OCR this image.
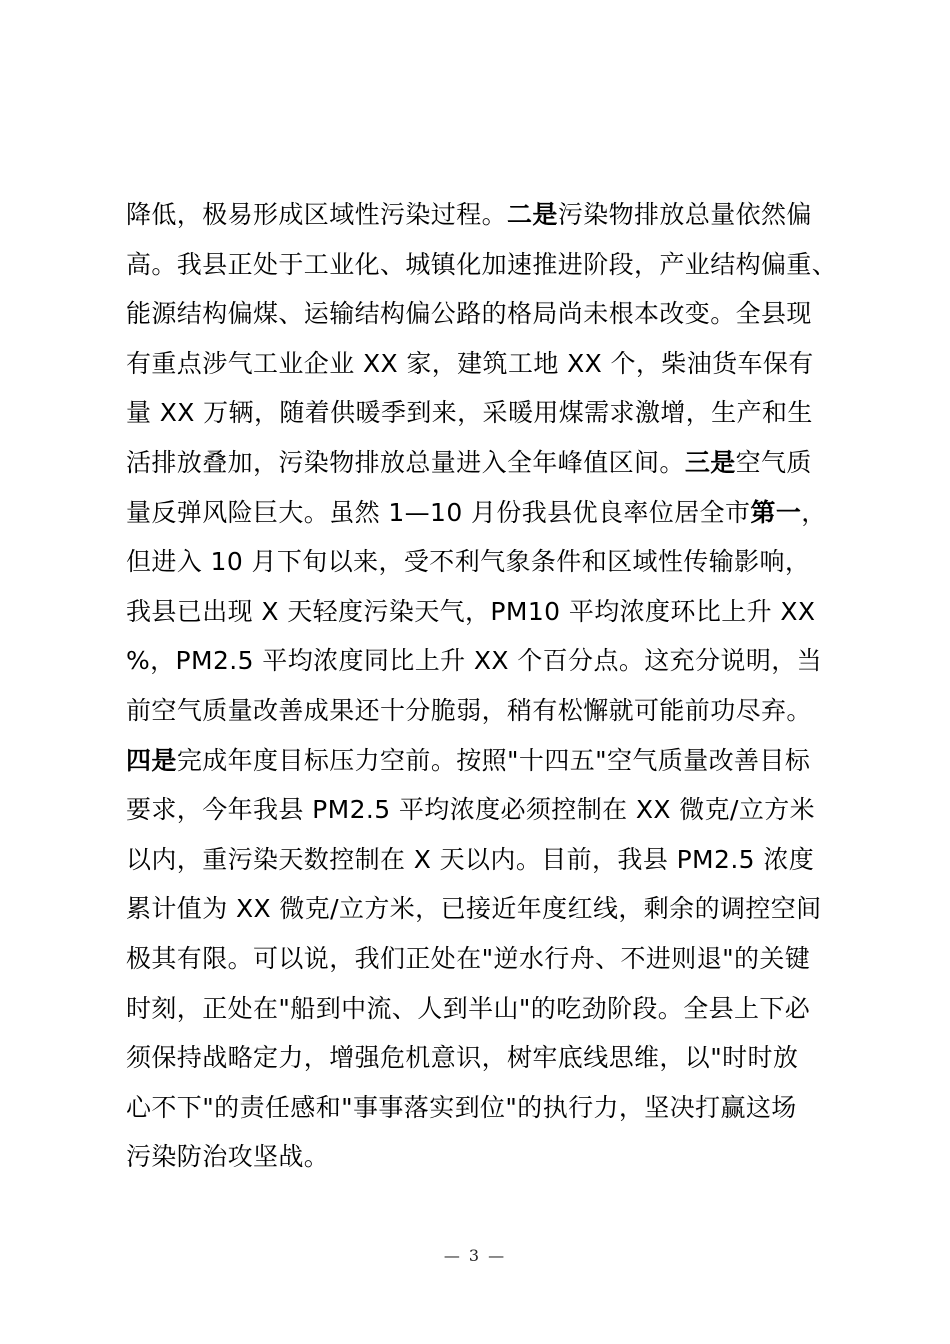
降低，极易形成区域性污染过程。二是污染物排放总量依然偏
高。我县正处于工业化、城镇化加速推进阶段，产业结构偏重、
能源结构偏煤、运输结构偏公路的格局尚未根本改变。全县现
有重点涉气工业企业 XX 家，建筑工地 XX 个，柴油货车保有
量 XX 万辆，随着供暖季到来，采暖用煤需求激增，生产和生
活排放叠加，污染物排放总量进入全年峰值区间。三是空气质
量反弹风险巨大。虽然 1—10 月份我县优良率位居全市第一，
但进入 10 月下旬以来，受不利气象条件和区域性传输影响，
我县已出现 X 天轻度污染天气，PM10 平均浓度环比上升 XX
%，PM2.5 平均浓度同比上升 XX 个百分点。这充分说明，当
前空气质量改善成果还十分脆弱，稍有松懈就可能前功尽弃。
四是完成年度目标压力空前。按照"十四五"空气质量改善目标
要求，今年我县 PM2.5 平均浓度必须控制在 XX 微克/立方米
以内，重污染天数控制在 X 天以内。目前，我县 PM2.5 浓度
累计值为 XX 微克/立方米，已接近年度红线，剩余的调控空间
极其有限。可以说，我们正处在"逆水行舟、不进则退"的关键
时刻，正处在"船到中流、人到半山"的吃劲阶段。全县上下必
须保持战略定力，增强危机意识，树牢底线思维，以"时时放
心不下"的责任感和"事事落实到位"的执行力，坚决打赢这场
污染防治攻坚战。
— 3 —
